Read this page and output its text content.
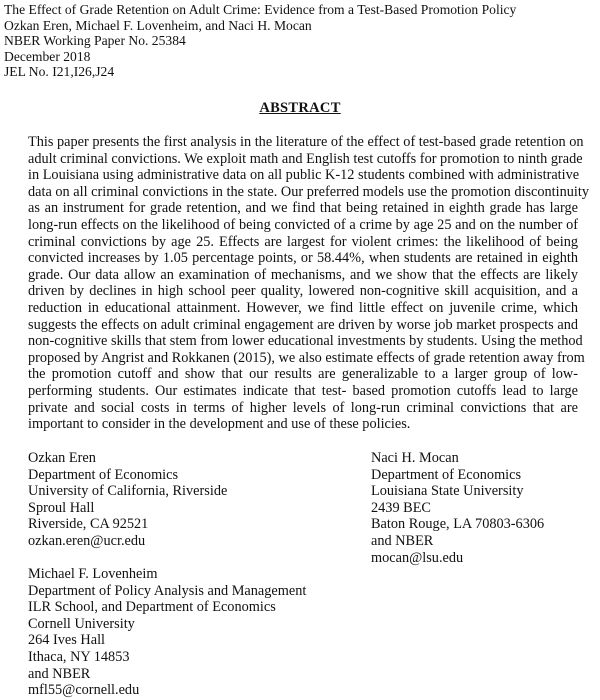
The Effect of Grade Retention on Adult Crime: Evidence from a Test-Based Promotion Policy
Ozkan Eren, Michael F. Lovenheim, and Naci H. Mocan
NBER Working Paper No. 25384
December 2018
JEL No. I21,I26,J24
ABSTRACT
This paper presents the first analysis in the literature of the effect of test-based grade retention on
adult criminal convictions. We exploit math and English test cutoffs for promotion to ninth grade
in Louisiana using administrative data on all public K-12 students combined with administrative
data on all criminal convictions in the state. Our preferred models use the promotion discontinuity
as an instrument for grade retention, and we find that being retained in eighth grade has large
long-run effects on the likelihood of being convicted of a crime by age 25 and on the number of
criminal convictions by age 25. Effects are largest for violent crimes: the likelihood of being
convicted increases by 1.05 percentage points, or 58.44%, when students are retained in eighth
grade. Our data allow an examination of mechanisms, and we show that the effects are likely
driven by declines in high school peer quality, lowered non-cognitive skill acquisition, and a
reduction in educational attainment. However, we find little effect on juvenile crime, which
suggests the effects on adult criminal engagement are driven by worse job market prospects and
non-cognitive skills that stem from lower educational investments by students. Using the method
proposed by Angrist and Rokkanen (2015), we also estimate effects of grade retention away from
the promotion cutoff and show that our results are generalizable to a larger group of low-
performing students. Our estimates indicate that test- based promotion cutoffs lead to large
private and social costs in terms of higher levels of long-run criminal convictions that are
important to consider in the development and use of these policies.
Ozkan Eren
Department of Economics
University of California, Riverside
Sproul Hall
Riverside, CA 92521
ozkan.eren@ucr.edu
Naci H. Mocan
Department of Economics
Louisiana State University
2439 BEC
Baton Rouge, LA 70803-6306
and NBER
mocan@lsu.edu
Michael F. Lovenheim
Department of Policy Analysis and Management
ILR School, and Department of Economics
Cornell University
264 Ives Hall
Ithaca, NY 14853
and NBER
mfl55@cornell.edu
